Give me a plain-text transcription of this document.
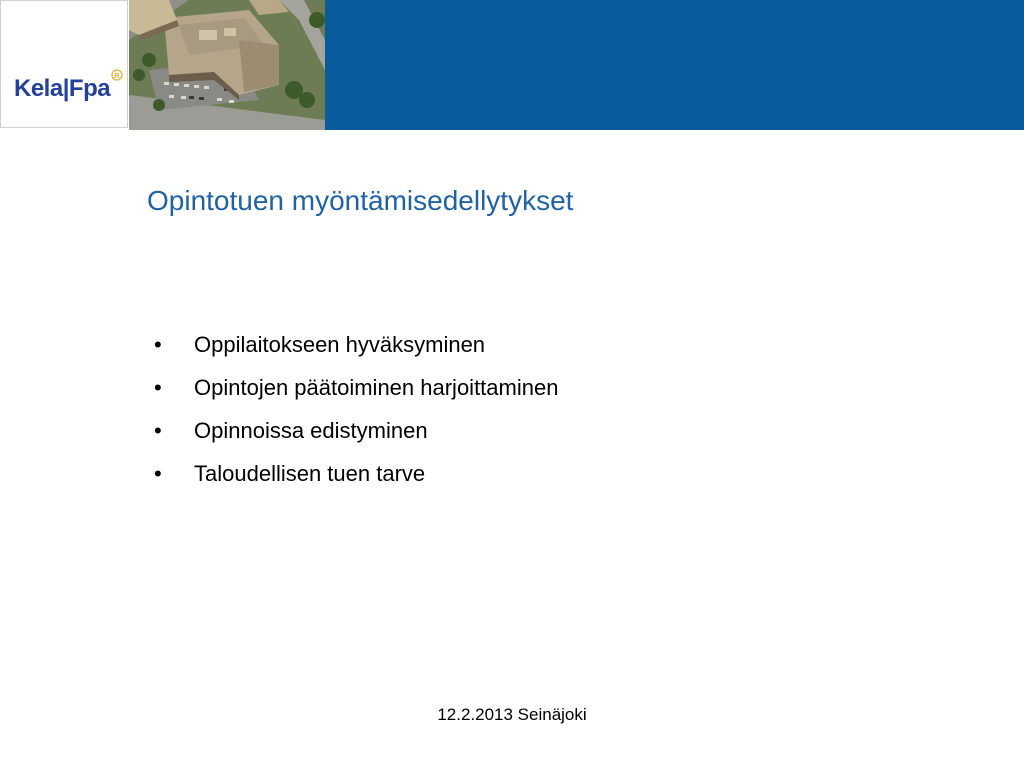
Kela|Fpa R
Opintotuen myöntämisedellytykset
• Oppilaitokseen hyväksyminen
• Opintojen päätoiminen harjoittaminen
• Opinnoissa edistyminen
• Taloudellisen tuen tarve
12.2.2013 Seinäjoki
